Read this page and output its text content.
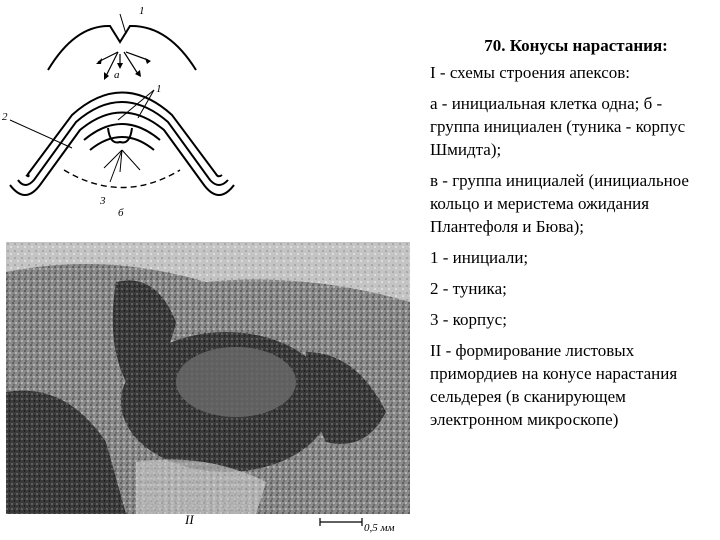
1
а
2
1
3
б
II
0,5 мм
70. Конусы нарастания:

I - схемы строения апексов:

а - инициальная клетка одна; б - группа инициален (туника - корпус Шмидта);

в - группа инициалей (инициальное кольцо и меристема ожидания Плантефоля и Бюва);

1 - инициали;

2 - туника;

3 - корпус;

II - формирование листовых примордиев на конусе нарастания сельдерея (в сканирующем электронном микроскопе)
